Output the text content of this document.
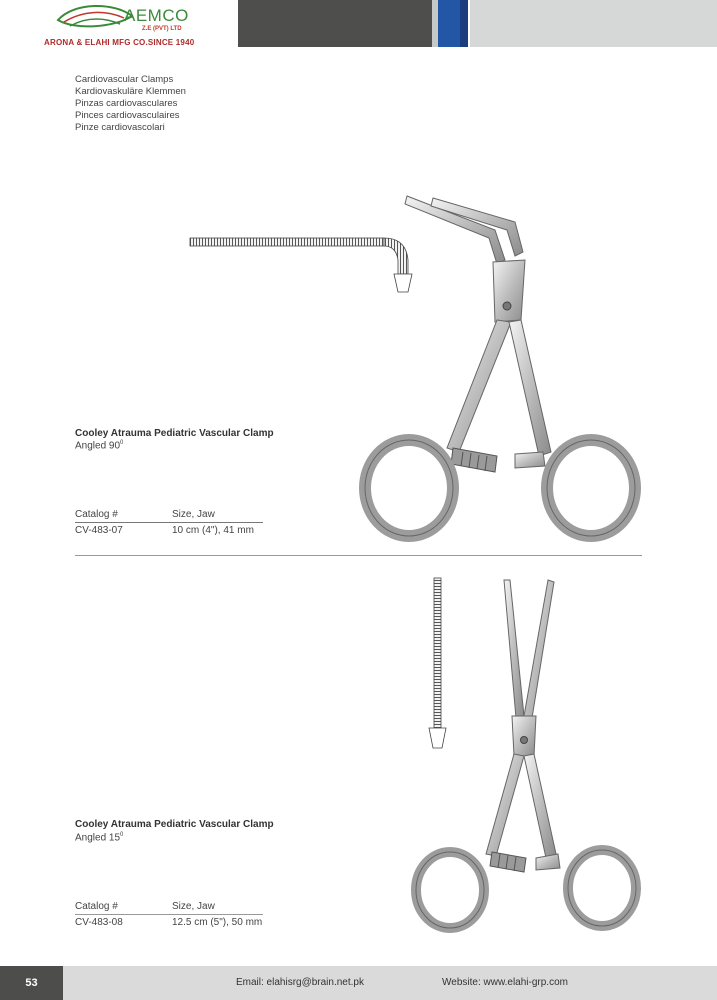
AEMCO
Z.E (PVT) LTD
ARONA & ELAHI MFG CO.SINCE 1940
Cardiovascular Clamps
Kardiovaskuläre Klemmen
Pinzas cardiovasculares
Pinces cardiovasculaires
Pinze cardiovascolari
Cooley Atrauma Pediatric Vascular Clamp
Angled $90^0$
Catalog #	Size, Jaw
CV-483-07	10 cm (4"), 41 mm
Cooley Atrauma Pediatric Vascular Clamp
Angled $15^0$
Catalog #	Size, Jaw
CV-483-08	12.5 cm (5"), 50 mm
53	Email: elahisrg@brain.net.pk	Website: www.elahi-grp.com
